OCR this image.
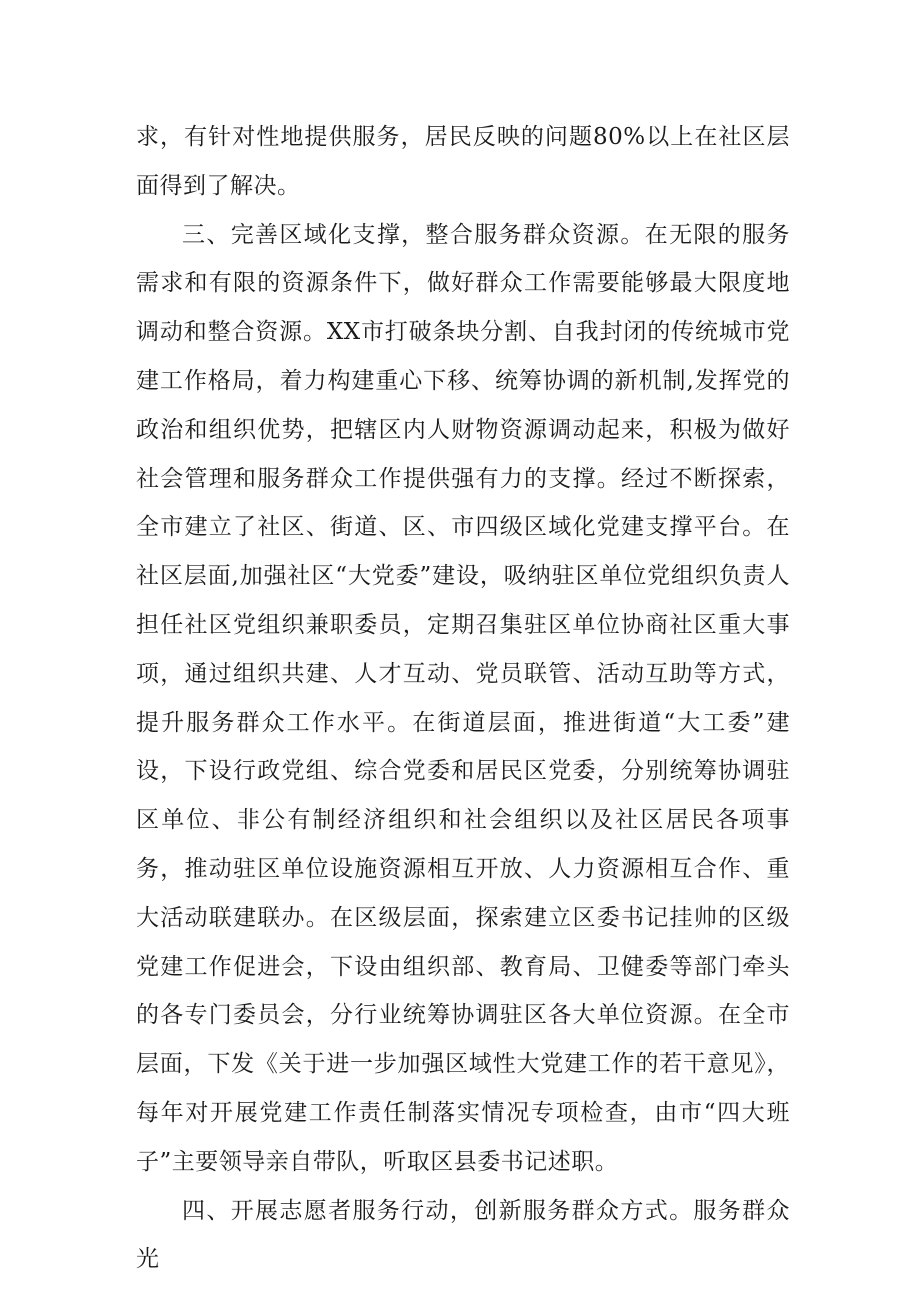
求，有针对性地提供服务，居民反映的问题80%以上在社区层面得到了解决。

三、完善区域化支撑，整合服务群众资源。在无限的服务需求和有限的资源条件下，做好群众工作需要能够最大限度地调动和整合资源。XX市打破条块分割、自我封闭的传统城市党建工作格局，着力构建重心下移、统筹协调的新机制,发挥党的政治和组织优势，把辖区内人财物资源调动起来，积极为做好社会管理和服务群众工作提供强有力的支撑。经过不断探索，全市建立了社区、街道、区、市四级区域化党建支撑平台。在社区层面,加强社区“大党委”建设，吸纳驻区单位党组织负责人担任社区党组织兼职委员，定期召集驻区单位协商社区重大事项，通过组织共建、人才互动、党员联管、活动互助等方式，提升服务群众工作水平。在街道层面，推进街道“大工委”建设，下设行政党组、综合党委和居民区党委，分别统筹协调驻区单位、非公有制经济组织和社会组织以及社区居民各项事务，推动驻区单位设施资源相互开放、人力资源相互合作、重大活动联建联办。在区级层面，探索建立区委书记挂帅的区级党建工作促进会，下设由组织部、教育局、卫健委等部门牵头的各专门委员会，分行业统筹协调驻区各大单位资源。在全市层面，下发《关于进一步加强区域性大党建工作的若干意见》，每年对开展党建工作责任制落实情况专项检查，由市“四大班子”主要领导亲自带队，听取区县委书记述职。

四、开展志愿者服务行动，创新服务群众方式。服务群众光
